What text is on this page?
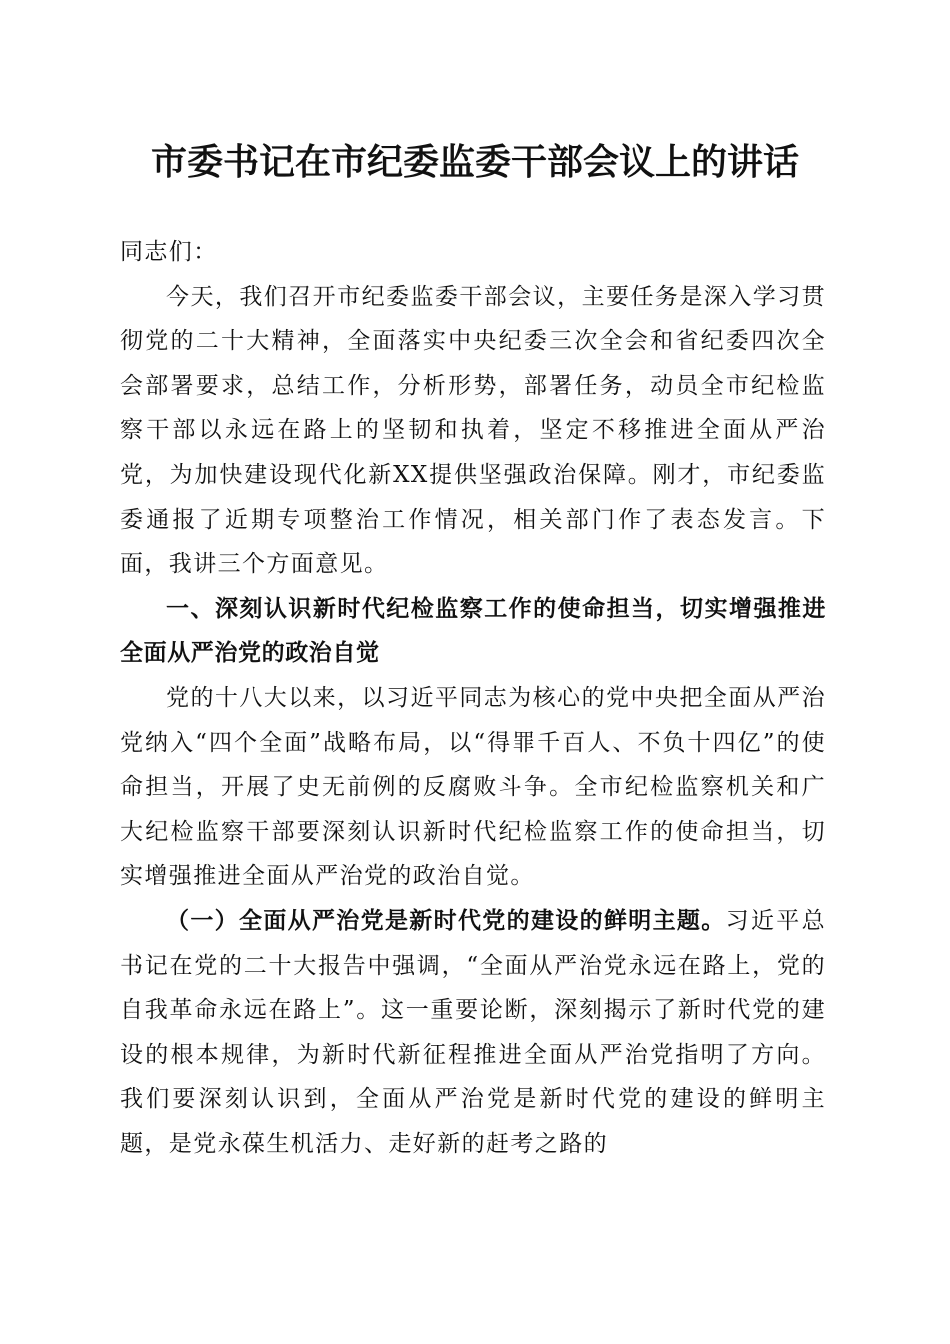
市委书记在市纪委监委干部会议上的讲话

同志们：

今天，我们召开市纪委监委干部会议，主要任务是深入学习贯彻党的二十大精神，全面落实中央纪委三次全会和省纪委四次全会部署要求，总结工作，分析形势，部署任务，动员全市纪检监察干部以永远在路上的坚韧和执着，坚定不移推进全面从严治党，为加快建设现代化新XX提供坚强政治保障。刚才，市纪委监委通报了近期专项整治工作情况，相关部门作了表态发言。下面，我讲三个方面意见。

一、深刻认识新时代纪检监察工作的使命担当，切实增强推进全面从严治党的政治自觉

党的十八大以来，以习近平同志为核心的党中央把全面从严治党纳入“四个全面”战略布局，以“得罪千百人、不负十四亿”的使命担当，开展了史无前例的反腐败斗争。全市纪检监察机关和广大纪检监察干部要深刻认识新时代纪检监察工作的使命担当，切实增强推进全面从严治党的政治自觉。

（一）全面从严治党是新时代党的建设的鲜明主题。习近平总书记在党的二十大报告中强调，“全面从严治党永远在路上，党的自我革命永远在路上”。这一重要论断，深刻揭示了新时代党的建设的根本规律，为新时代新征程推进全面从严治党指明了方向。我们要深刻认识到，全面从严治党是新时代党的建设的鲜明主题，是党永葆生机活力、走好新的赶考之路的
